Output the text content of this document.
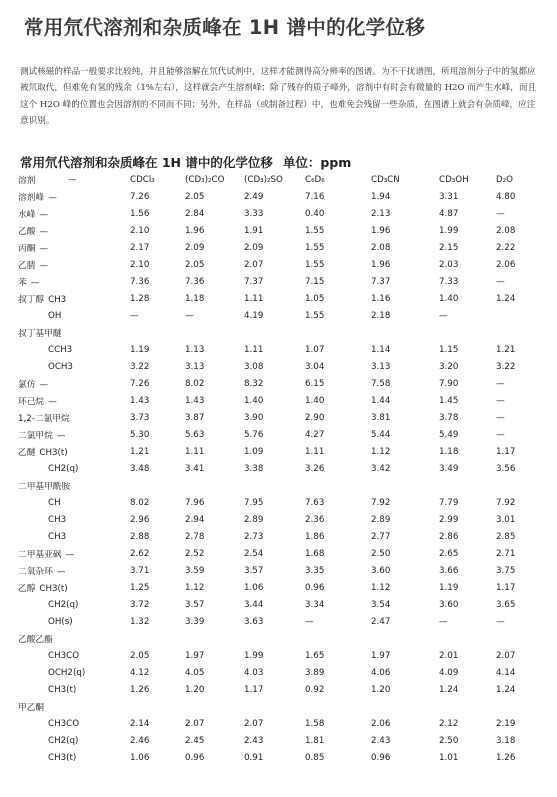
常用氘代溶剂和杂质峰在 1H 谱中的化学位移
测试核磁的样品一般要求比较纯，并且能够溶解在氘代试剂中，这样才能测得高分辨率的图谱。为不干扰谱图，所用溶剂分子中的氢都应被氘取代，但难免有氢的残余（1%左右），这样就会产生溶剂峰；除了残存的质子峰外，溶剂中有时会有微量的 H2O 而产生水峰，而且这个 H2O 峰的位置也会因溶剂的不同而不同；另外，在样品（或制备过程）中，也难免会残留一些杂质，在图谱上就会有杂质峰，应注意识别。
常用氘代溶剂和杂质峰在 1H 谱中的化学位移 单位：ppm
溶剂	—	CDCl₃	(CD₃)₂CO	(CD₃)₂SO	C₆D₆	CD₃CN	CD₃OH	D₂O
溶剂峰 —		7.26	2.05	2.49	7.16	1.94	3.31	4.80
水峰 —		1.56	2.84	3.33	0.40	2.13	4.87	—
乙酸 —		2.10	1.96	1.91	1.55	1.96	1.99	2.08
丙酮 —		2.17	2.09	2.09	1.55	2.08	2.15	2.22
乙腈 —		2.10	2.05	2.07	1.55	1.96	2.03	2.06
苯 —		7.36	7.36	7.37	7.15	7.37	7.33	—
叔丁醇 CH3		1.28	1.18	1.11	1.05	1.16	1.40	1.24
OH		—	—	4.19	1.55	2.18	—	
叔丁基甲醚								
CCH3		1.19	1.13	1.11	1.07	1.14	1.15	1.21
OCH3		3.22	3.13	3.08	3.04	3.13	3.20	3.22
氯仿 —		7.26	8.02	8.32	6.15	7.58	7.90	—
环己烷 —		1.43	1.43	1.40	1.40	1.44	1.45	—
1,2-二氯甲烷		3.73	3.87	3.90	2.90	3.81	3.78	—
二氯甲烷 —		5.30	5.63	5.76	4.27	5.44	5.49	—
乙醚 CH3(t)		1.21	1.11	1.09	1.11	1.12	1.18	1.17
CH2(q)		3.48	3.41	3.38	3.26	3.42	3.49	3.56
二甲基甲酰胺								
CH		8.02	7.96	7.95	7.63	7.92	7.79	7.92
CH3		2.96	2.94	2.89	2.36	2.89	2.99	3.01
CH3		2.88	2.78	2.73	1.86	2.77	2.86	2.85
二甲基亚砜 —		2.62	2.52	2.54	1.68	2.50	2.65	2.71
二氧杂环 —		3.71	3.59	3.57	3.35	3.60	3.66	3.75
乙醇 CH3(t)		1.25	1.12	1.06	0.96	1.12	1.19	1.17
CH2(q)		3.72	3.57	3.44	3.34	3.54	3.60	3.65
OH(s)		1.32	3.39	3.63	—	2.47	—	—
乙酸乙酯								
CH3CO		2.05	1.97	1.99	1.65	1.97	2.01	2.07
OCH2(q)		4.12	4.05	4.03	3.89	4.06	4.09	4.14
CH3(t)		1.26	1.20	1.17	0.92	1.20	1.24	1.24
甲乙酮								
CH3CO		2.14	2.07	2.07	1.58	2.06	2.12	2.19
CH2(q)		2.46	2.45	2.43	1.81	2.43	2.50	3.18
CH3(t)		1.06	0.96	0.91	0.85	0.96	1.01	1.26
